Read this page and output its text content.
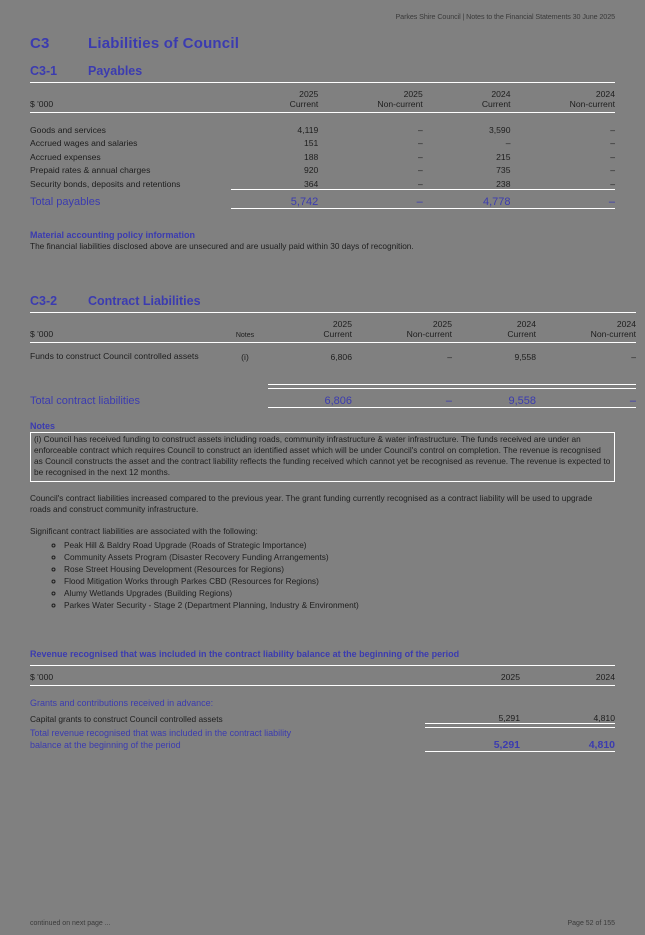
Parkes Shire Council | Notes to the Financial Statements 30 June 2025
C3	Liabilities of Council
C3-1	Payables

	2025	2025	2024	2024
$ '000	Current	Non-current	Current	Non-current

Goods and services	4,119	–	3,590	–
Accrued wages and salaries	151	–	–	–
Accrued expenses	188	–	215	–
Prepaid rates & annual charges	920	–	735	–
Security bonds, deposits and retentions	364	–	238	–
Total payables	5,742	–	4,778	–

Material accounting policy information

The financial liabilities disclosed above are unsecured and are usually paid within 30 days of recognition.

C3-2	Contract Liabilities

		2025	2025	2024	2024
$ '000	Notes	Current	Non-current	Current	Non-current

Funds to construct Council controlled assets	(i)	6,806	–	9,558	–

Total contract liabilities		6,806	–	9,558	–

Notes

(i) Council has received funding to construct assets including roads, community infrastructure & water infrastructure. The funds received are under an enforceable contract which requires Council to construct an identified asset which will be under Council's control on completion. The revenue is recognised as Council constructs the asset and the contract liability reflects the funding received which cannot yet be recognised as revenue. The revenue is expected to be recognised in the next 12 months.

Council's contract liabilities increased compared to the previous year. The grant funding currently recognised as a contract liability will be used to upgrade roads and construct community infrastructure.

Significant contract liabilities are associated with the following:

◦ Peak Hill & Baldry Road Upgrade (Roads of Strategic Importance)
◦ Community Assets Program (Disaster Recovery Funding Arrangements)
◦ Rose Street Housing Development (Resources for Regions)
◦ Flood Mitigation Works through Parkes CBD (Resources for Regions)
◦ Alumy Wetlands Upgrades (Building Regions)
◦ Parkes Water Security - Stage 2 (Department Planning, Industry & Environment)

Revenue recognised that was included in the contract liability balance at the beginning of the period

$ '000	2025	2024

Grants and contributions received in advance:		
Capital grants to construct Council controlled assets	5,291	4,810

Total revenue recognised that was included in the contract liability
balance at the beginning of the period	5,291	4,810

continued on next page ...	Page 52 of 155
